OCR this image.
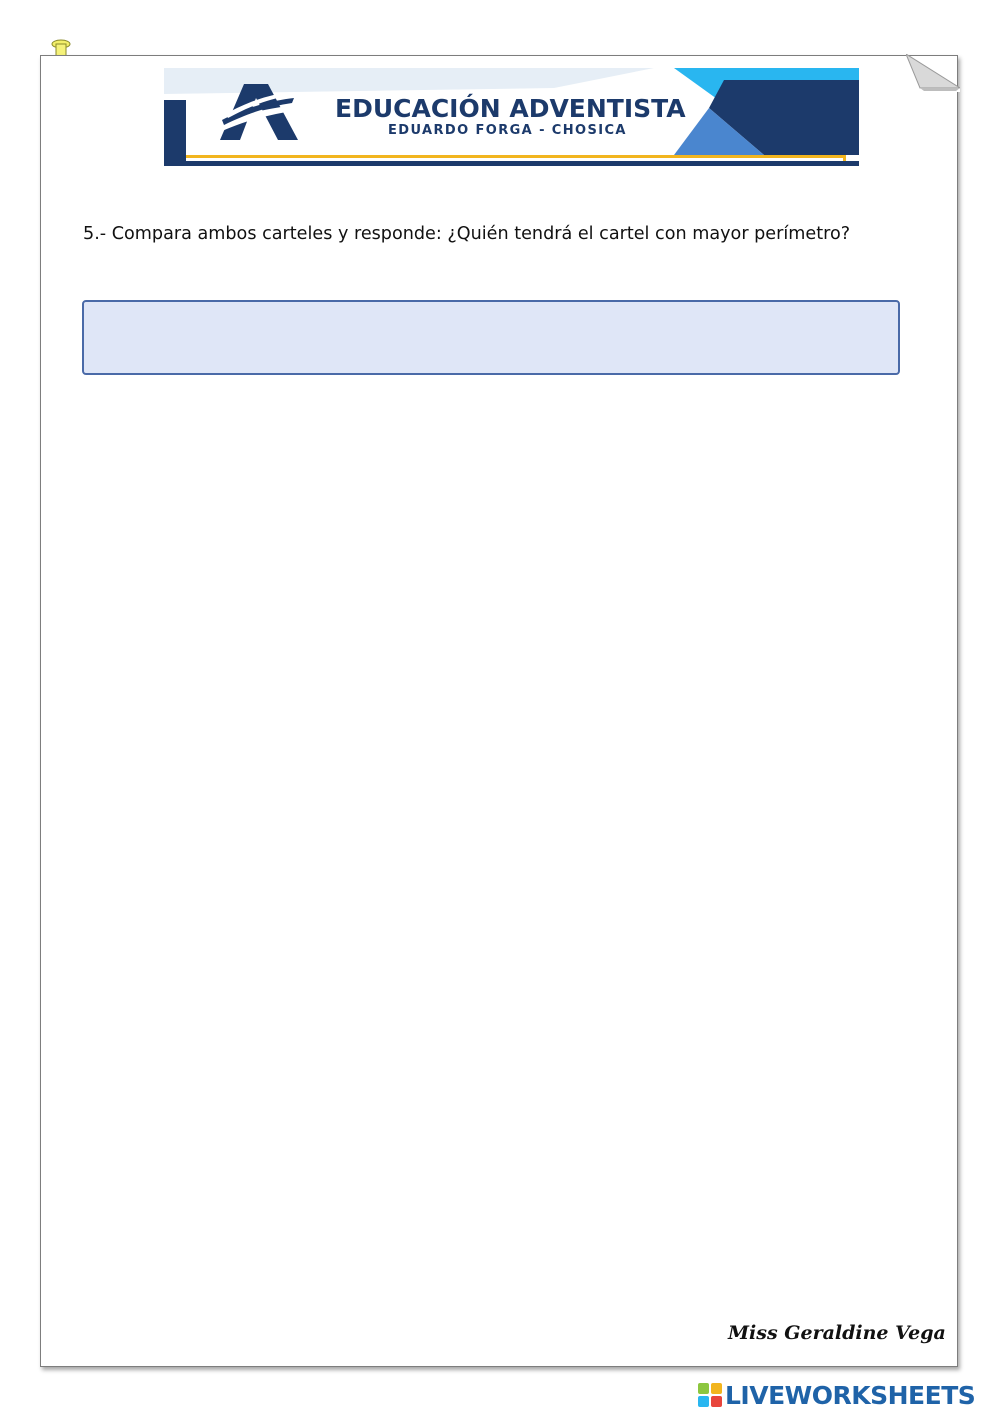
EDUCACIÓN ADVENTISTA
EDUARDO FORGA - CHOSICA
5.- Compara ambos carteles y responde: ¿Quién tendrá el cartel con mayor perímetro?
Miss Geraldine Vega
LIVEWORKSHEETS
